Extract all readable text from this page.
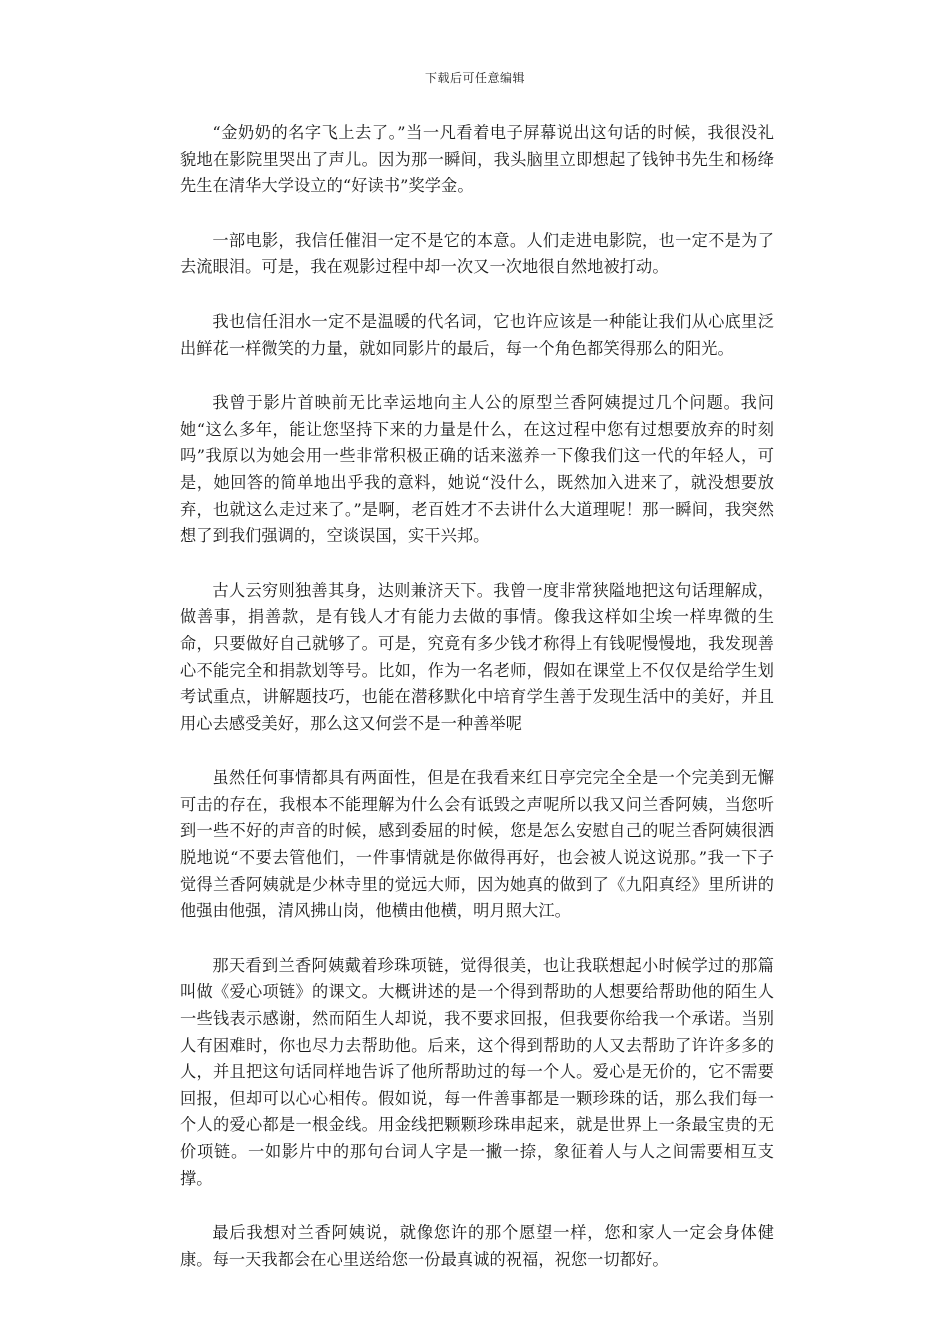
下载后可任意编辑

“金奶奶的名字飞上去了。”当一凡看着电子屏幕说出这句话的时候，我很没礼貌地在影院里哭出了声儿。因为那一瞬间，我头脑里立即想起了钱钟书先生和杨绛先生在清华大学设立的“好读书”奖学金。

一部电影，我信任催泪一定不是它的本意。人们走进电影院，也一定不是为了去流眼泪。可是，我在观影过程中却一次又一次地很自然地被打动。

我也信任泪水一定不是温暖的代名词，它也许应该是一种能让我们从心底里泛出鲜花一样微笑的力量，就如同影片的最后，每一个角色都笑得那么的阳光。

我曾于影片首映前无比幸运地向主人公的原型兰香阿姨提过几个问题。我问她“这么多年，能让您坚持下来的力量是什么，在这过程中您有过想要放弃的时刻吗”我原以为她会用一些非常积极正确的话来滋养一下像我们这一代的年轻人，可是，她回答的简单地出乎我的意料，她说“没什么，既然加入进来了，就没想要放弃，也就这么走过来了。”是啊，老百姓才不去讲什么大道理呢！那一瞬间，我突然想了到我们强调的，空谈误国，实干兴邦。

古人云穷则独善其身，达则兼济天下。我曾一度非常狭隘地把这句话理解成，做善事，捐善款，是有钱人才有能力去做的事情。像我这样如尘埃一样卑微的生命，只要做好自己就够了。可是，究竟有多少钱才称得上有钱呢慢慢地，我发现善心不能完全和捐款划等号。比如，作为一名老师，假如在课堂上不仅仅是给学生划考试重点，讲解题技巧，也能在潜移默化中培育学生善于发现生活中的美好，并且用心去感受美好，那么这又何尝不是一种善举呢

虽然任何事情都具有两面性，但是在我看来红日亭完完全全是一个完美到无懈可击的存在，我根本不能理解为什么会有诋毁之声呢所以我又问兰香阿姨，当您听到一些不好的声音的时候，感到委屈的时候，您是怎么安慰自己的呢兰香阿姨很洒脱地说“不要去管他们，一件事情就是你做得再好，也会被人说这说那。”我一下子觉得兰香阿姨就是少林寺里的觉远大师，因为她真的做到了《九阳真经》里所讲的他强由他强，清风拂山岗，他横由他横，明月照大江。

那天看到兰香阿姨戴着珍珠项链，觉得很美，也让我联想起小时候学过的那篇叫做《爱心项链》的课文。大概讲述的是一个得到帮助的人想要给帮助他的陌生人一些钱表示感谢，然而陌生人却说，我不要求回报，但我要你给我一个承诺。当别人有困难时，你也尽力去帮助他。后来，这个得到帮助的人又去帮助了许许多多的人，并且把这句话同样地告诉了他所帮助过的每一个人。爱心是无价的，它不需要回报，但却可以心心相传。假如说，每一件善事都是一颗珍珠的话，那么我们每一个人的爱心都是一根金线。用金线把颗颗珍珠串起来，就是世界上一条最宝贵的无价项链。一如影片中的那句台词人字是一撇一捺，象征着人与人之间需要相互支撑。

最后我想对兰香阿姨说，就像您许的那个愿望一样，您和家人一定会身体健康。每一天我都会在心里送给您一份最真诚的祝福，祝您一切都好。
